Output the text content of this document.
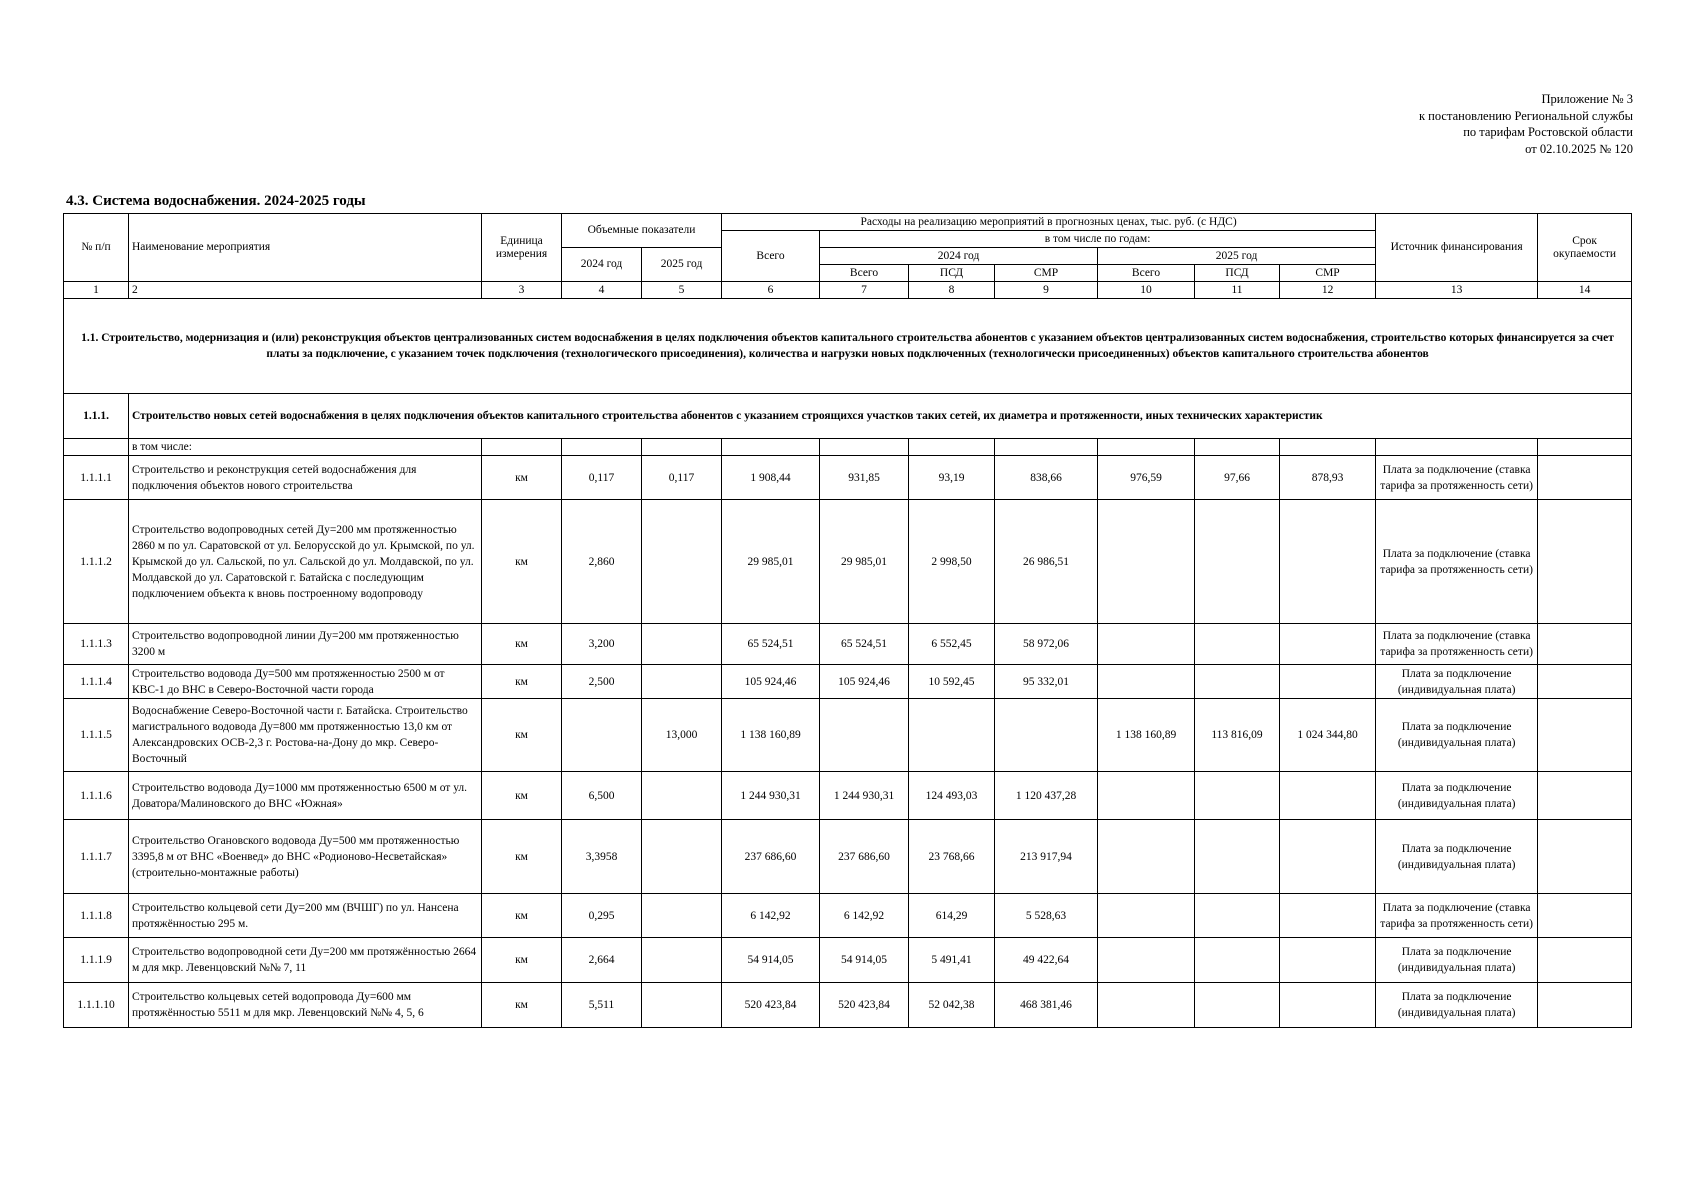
Приложение № 3
к постановлению Региональной службы
по тарифам Ростовской области
от 02.10.2025 № 120
4.3. Система водоснабжения. 2024-2025 годы
№ п/п	Наименование мероприятия	Единица измерения	Объемные показатели		Расходы на реализацию мероприятий в прогнозных ценах, тыс. руб. (с НДС)							Источник финансирования	Срок окупаемости
					Всего	в том числе по годам:							
			2024 год	2025 год		2024 год			2025 год				
						Всего	ПСД	СМР	Всего	ПСД	СМР		
1	2	3	4	5	6	7	8	9	10	11	12	13	14
1.1. Строительство, модернизация и (или) реконструкция объектов централизованных систем водоснабжения в целях подключения объектов капитального строительства абонентов с указанием объектов централизованных систем водоснабжения, строительство которых финансируется за счет платы за подключение, с указанием точек подключения (технологического присоединения), количества и нагрузки новых подключенных (технологически присоединенных) объектов капитального строительства абонентов													
1.1.1.	Строительство новых сетей водоснабжения в целях подключения объектов капитального строительства абонентов с указанием строящихся участков таких сетей, их диаметра и протяженности, иных технических характеристик												
	в том числе:												
1.1.1.1	Строительство и реконструкция сетей водоснабжения для подключения объектов нового строительства	км	0,117	0,117	1 908,44	931,85	93,19	838,66	976,59	97,66	878,93	Плата за подключение (ставка тарифа за протяженность сети)	
1.1.1.2	Строительство водопроводных сетей Ду=200 мм протяженностью 2860 м по ул. Саратовской от ул. Белорусской до ул. Крымской, по ул. Крымской до ул. Сальской, по ул. Сальской до ул. Молдавской, по ул. Молдавской до ул. Саратовской г. Батайска с последующим подключением объекта к вновь построенному водопроводу	км	2,860		29 985,01	29 985,01	2 998,50	26 986,51				Плата за подключение (ставка тарифа за протяженность сети)	
1.1.1.3	Строительство водопроводной линии Ду=200 мм протяженностью 3200 м	км	3,200		65 524,51	65 524,51	6 552,45	58 972,06				Плата за подключение (ставка тарифа за протяженность сети)	
1.1.1.4	Строительство водовода Ду=500 мм протяженностью 2500 м от КВС-1 до ВНС в Северо-Восточной части города	км	2,500		105 924,46	105 924,46	10 592,45	95 332,01				Плата за подключение (индивидуальная плата)	
1.1.1.5	Водоснабжение Северо-Восточной части г. Батайска. Строительство магистрального водовода Ду=800 мм протяженностью 13,0 км от Александровских ОСВ-2,3 г. Ростова-на-Дону до мкр. Северо-Восточный	км		13,000	1 138 160,89				1 138 160,89	113 816,09	1 024 344,80	Плата за подключение (индивидуальная плата)	
1.1.1.6	Строительство водовода Ду=1000 мм протяженностью 6500 м от ул. Доватора/Малиновского до ВНС «Южная»	км	6,500		1 244 930,31	1 244 930,31	124 493,03	1 120 437,28				Плата за подключение (индивидуальная плата)	
1.1.1.7	Строительство Огановского водовода Ду=500 мм протяженностью 3395,8 м от ВНС «Военвед» до ВНС «Родионово-Несветайская» (строительно-монтажные работы)	км	3,3958		237 686,60	237 686,60	23 768,66	213 917,94				Плата за подключение (индивидуальная плата)	
1.1.1.8	Строительство кольцевой сети Ду=200 мм (ВЧШГ) по ул. Нансена протяжённостью 295 м.	км	0,295		6 142,92	6 142,92	614,29	5 528,63				Плата за подключение (ставка тарифа за протяженность сети)	
1.1.1.9	Строительство водопроводной сети Ду=200 мм протяжённостью 2664 м для мкр. Левенцовский №№ 7, 11	км	2,664		54 914,05	54 914,05	5 491,41	49 422,64				Плата за подключение (индивидуальная плата)	
1.1.1.10	Строительство кольцевых сетей водопровода Ду=600 мм протяжённостью 5511 м для мкр. Левенцовский №№ 4, 5, 6	км	5,511		520 423,84	520 423,84	52 042,38	468 381,46				Плата за подключение (индивидуальная плата)	
